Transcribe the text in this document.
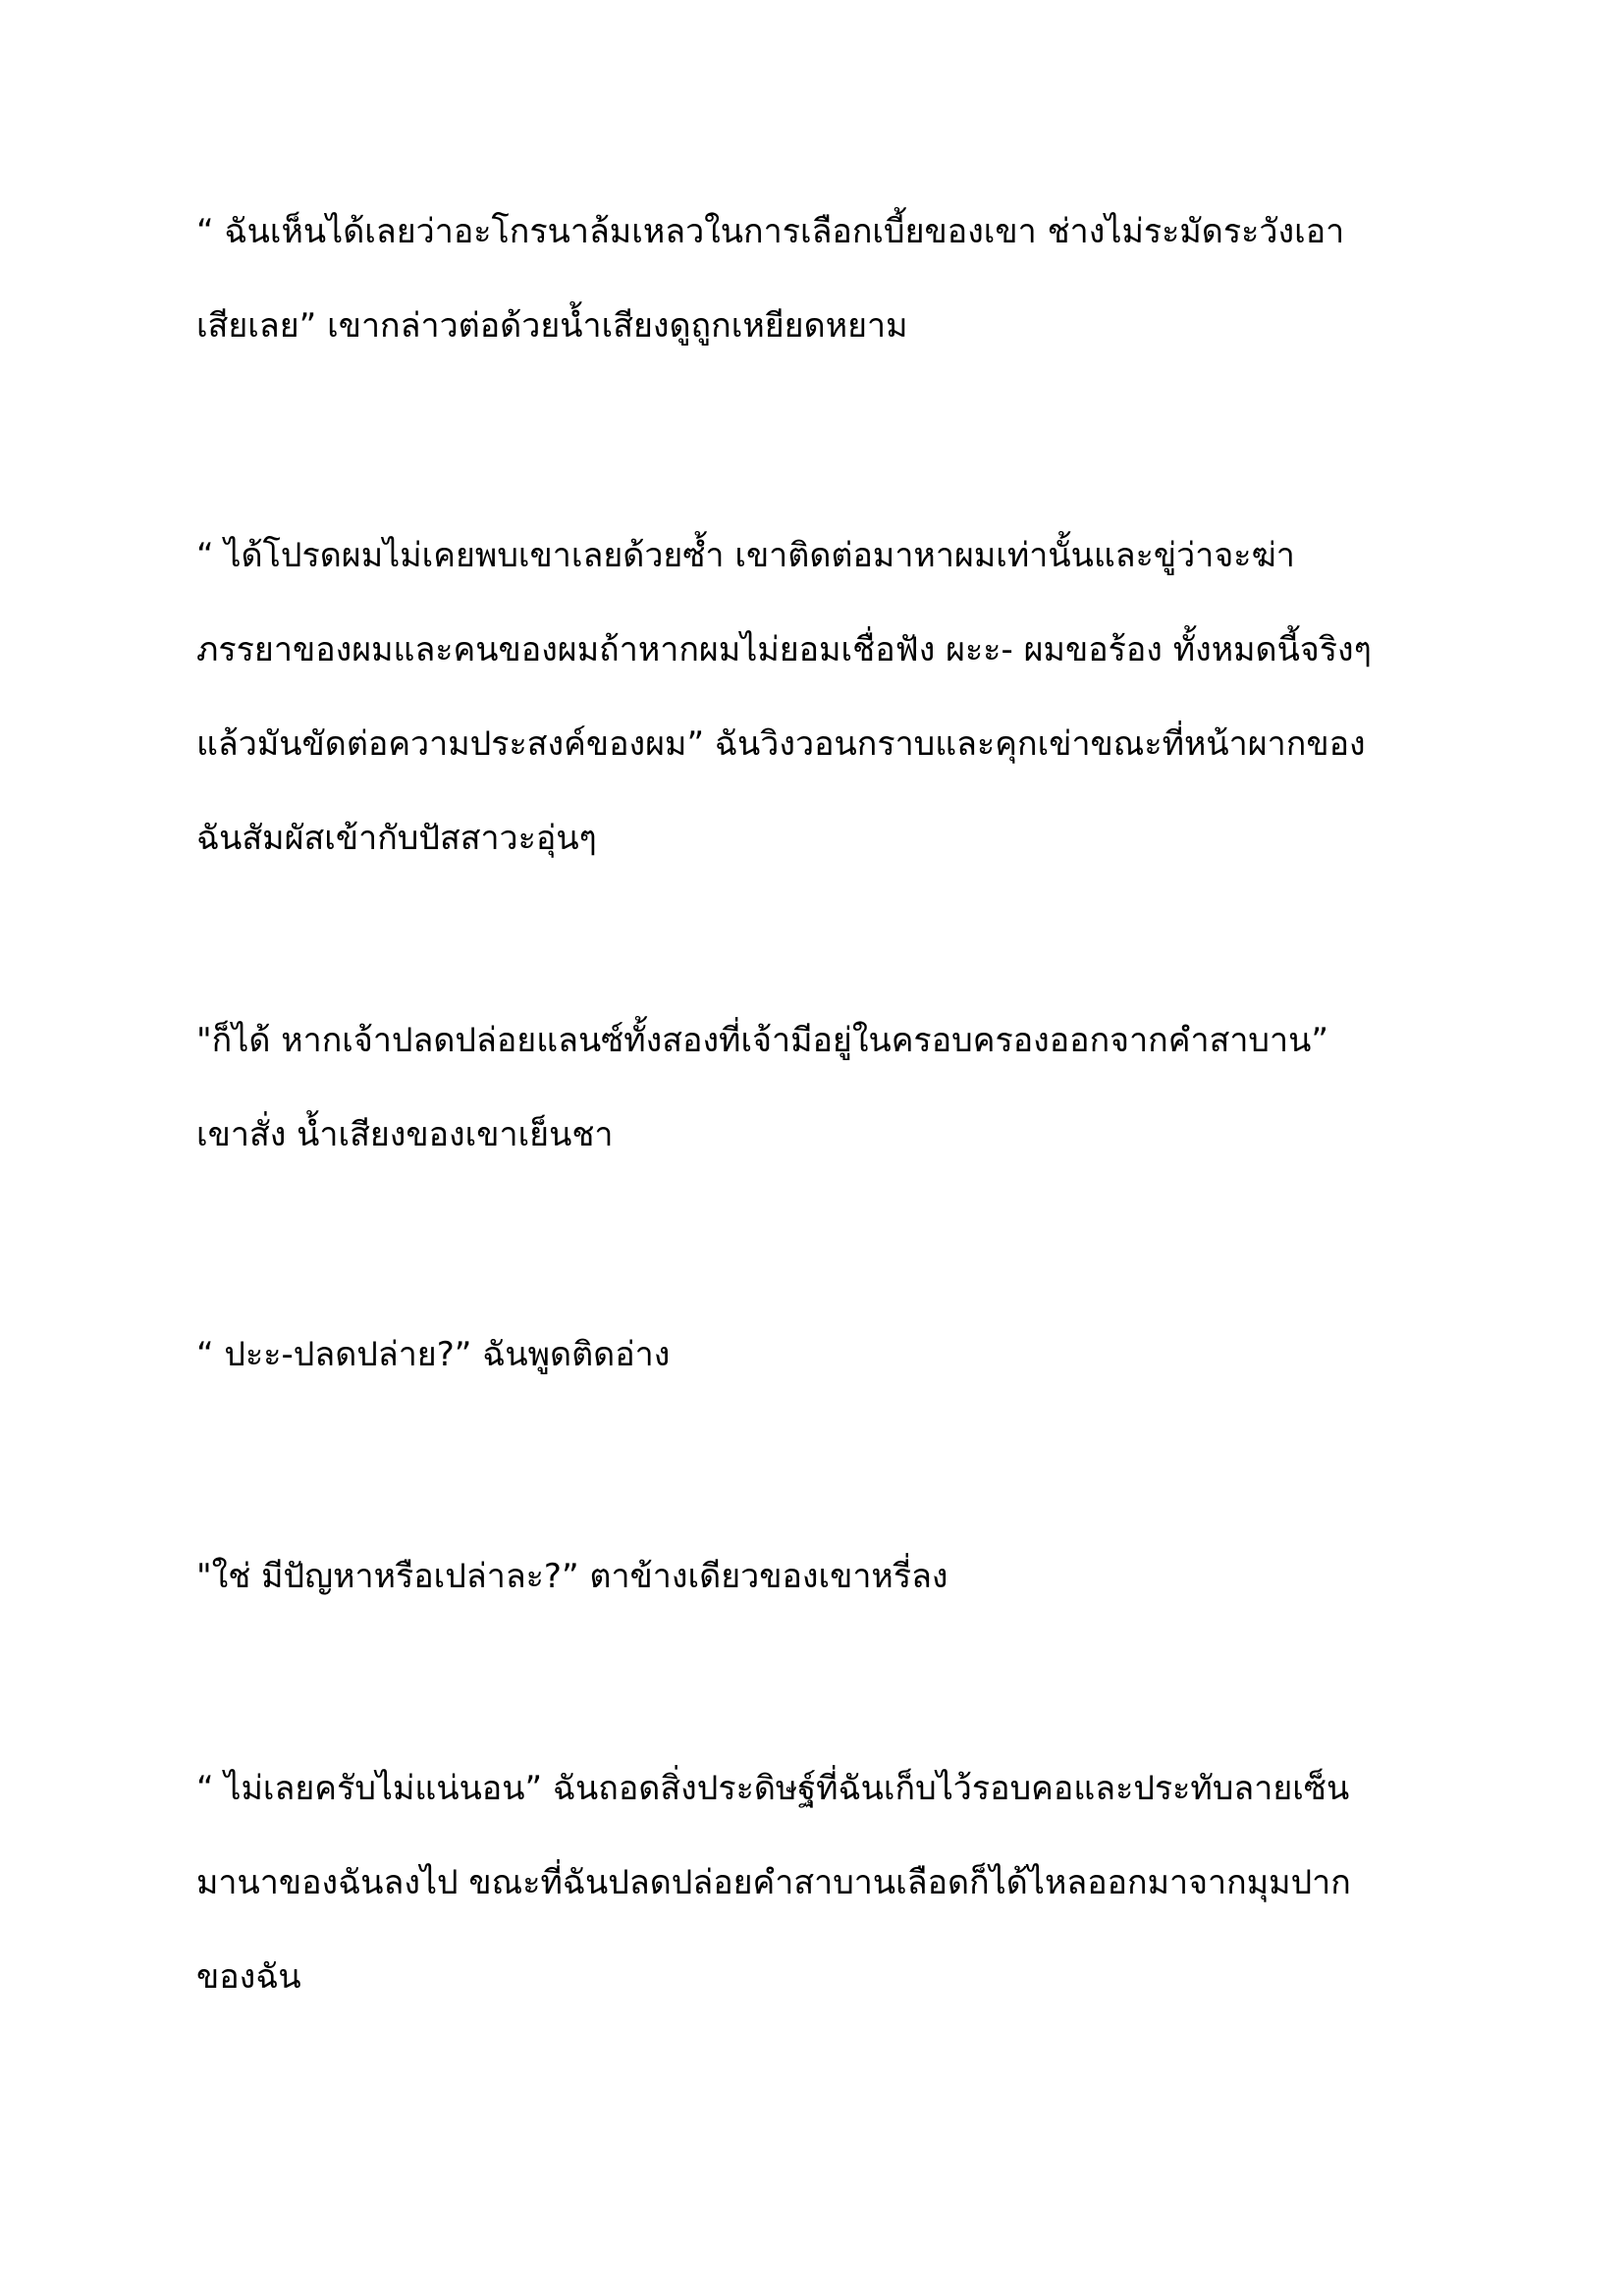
“ ฉันเห็นได้เลยว่าอะโกรนาล้มเหลวในการเลือกเบี้ยของเขา ช่างไม่ระมัดระวังเอา
เสียเลย” เขากล่าวต่อด้วยน้ำเสียงดูถูกเหยียดหยาม

“ ได้โปรดผมไม่เคยพบเขาเลยด้วยซ้ำ เขาติดต่อมาหาผมเท่านั้นและขู่ว่าจะฆ่า
ภรรยาของผมและคนของผมถ้าหากผมไม่ยอมเชื่อฟัง ผะะ- ผมขอร้อง ทั้งหมดนี้จริงๆ
แล้วมันขัดต่อความประสงค์ของผม” ฉันวิงวอนกราบและคุกเข่าขณะที่หน้าผากของ
ฉันสัมผัสเข้ากับปัสสาวะอุ่นๆ

"ก็ได้ หากเจ้าปลดปล่อยแลนซ์ทั้งสองที่เจ้ามีอยู่ในครอบครองออกจากคำสาบาน”
เขาสั่ง น้ำเสียงของเขาเย็นชา

“ ปะะ-ปลดปล่าย?” ฉันพูดติดอ่าง

"ใช่ มีปัญหาหรือเปล่าละ?” ตาข้างเดียวของเขาหรี่ลง

“ ไม่เลยครับไม่แน่นอน” ฉันถอดสิ่งประดิษฐ์ที่ฉันเก็บไว้รอบคอและประทับลายเซ็น
มานาของฉันลงไป ขณะที่ฉันปลดปล่อยคำสาบานเลือดก็ได้ไหลออกมาจากมุมปาก
ของฉัน
